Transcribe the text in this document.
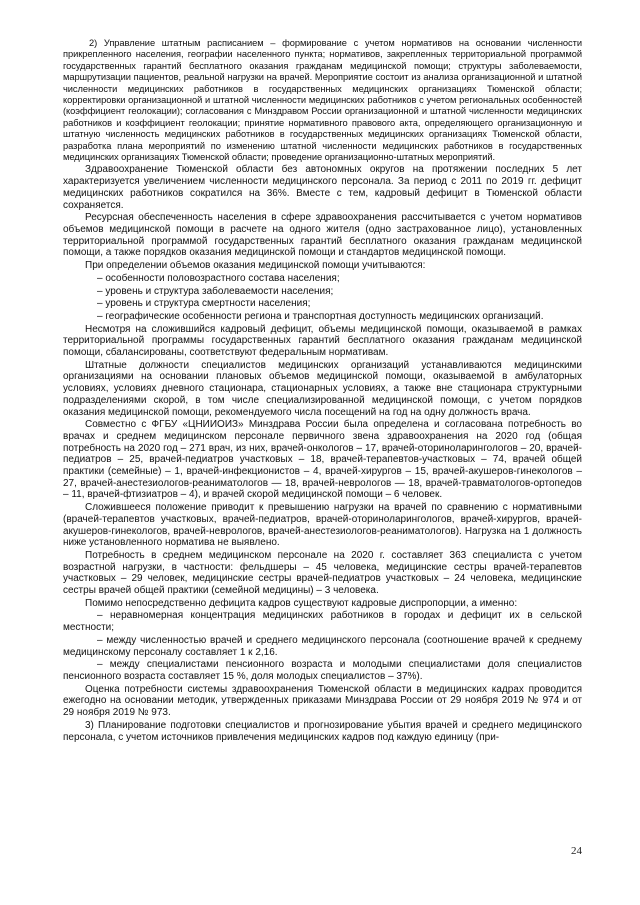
2) Управление штатным расписанием – формирование с учетом нормативов на основании численности прикрепленного населения, географии населенного пункта; нормативов, закрепленных территориальной программой государственных гарантий бесплатного оказания гражданам медицинской помощи; структуры заболеваемости, маршрутизации пациентов, реальной нагрузки на врачей. Мероприятие состоит из анализа организационной и штатной численности медицинских работников в государственных медицинских организациях Тюменской области; корректировки организационной и штатной численности медицинских работников с учетом региональных особенностей (коэффициент геолокации); согласования с Минздравом России организационной и штатной численности медицинских работников и коэффициент геолокации; принятие нормативного правового акта, определяющего организационную и штатную численность медицинских работников в государственных медицинских организациях Тюменской области, разработка плана мероприятий по изменению штатной численности медицинских работников в государственных медицинских организациях Тюменской области; проведение организационно-штатных мероприятий.

Здравоохранение Тюменской области без автономных округов на протяжении последних 5 лет характеризуется увеличением численности медицинского персонала. За период с 2011 по 2019 гг. дефицит медицинских работников сократился на 36%. Вместе с тем, кадровый дефицит в Тюменской области сохраняется.

Ресурсная обеспеченность населения в сфере здравоохранения рассчитывается с учетом нормативов объемов медицинской помощи в расчете на одного жителя (одно застрахованное лицо), установленных территориальной программой государственных гарантий бесплатного оказания гражданам медицинской помощи, а также порядков оказания медицинской помощи и стандартов медицинской помощи.

При определении объемов оказания медицинской помощи учитываются:

– особенности половозрастного состава населения;

– уровень и структура заболеваемости населения;

– уровень и структура смертности населения;

– географические особенности региона и транспортная доступность медицинских организаций.

Несмотря на сложившийся кадровый дефицит, объемы медицинской помощи, оказываемой в рамках территориальной программы государственных гарантий бесплатного оказания гражданам медицинской помощи, сбалансированы, соответствуют федеральным нормативам.

Штатные должности специалистов медицинских организаций устанавливаются медицинскими организациями на основании плановых объемов медицинской помощи, оказываемой в амбулаторных условиях, условиях дневного стационара, стационарных условиях, а также вне стационара структурными подразделениями скорой, в том числе специализированной медицинской помощи, с учетом порядков оказания медицинской помощи, рекомендуемого числа посещений на год на одну должность врача.

Совместно с ФГБУ «ЦНИИОИЗ» Минздрава России была определена и согласована потребность во врачах и среднем медицинском персонале первичного звена здравоохранения на 2020 год (общая потребность на 2020 год – 271 врач, из них, врачей-онкологов – 17, врачей-оториноларингологов – 20, врачей-педиатров – 25, врачей-педиатров участковых – 18, врачей-терапевтов-участковых – 74, врачей общей практики (семейные) – 1, врачей-инфекционистов – 4, врачей-хирургов – 15, врачей-акушеров-гинекологов – 27, врачей-анестезиологов-реаниматологов — 18, врачей-неврологов — 18, врачей-травматологов-ортопедов – 11, врачей-фтизиатров – 4), и врачей скорой медицинской помощи – 6 человек.

Сложившееся положение приводит к превышению нагрузки на врачей по сравнению с нормативными (врачей-терапевтов участковых, врачей-педиатров, врачей-оториноларингологов, врачей-хирургов, врачей-акушеров-гинекологов, врачей-неврологов, врачей-анестезиологов-реаниматологов). Нагрузка на 1 должность ниже установленного норматива не выявлено.

Потребность в среднем медицинском персонале на 2020 г. составляет 363 специалиста с учетом возрастной нагрузки, в частности: фельдшеры – 45 человека, медицинские сестры врачей-терапевтов участковых – 29 человек, медицинские сестры врачей-педиатров участковых – 24 человека, медицинские сестры врачей общей практики (семейной медицины) – 3 человека.

Помимо непосредственно дефицита кадров существуют кадровые диспропорции, а именно:

– неравномерная концентрация медицинских работников в городах и дефицит их в сельской местности;

– между численностью врачей и среднего медицинского персонала (соотношение врачей к среднему медицинскому персоналу составляет 1 к 2,16.

– между специалистами пенсионного возраста и молодыми специалистами доля специалистов пенсионного возраста составляет 15 %, доля молодых специалистов – 37%).

Оценка потребности системы здравоохранения Тюменской области в медицинских кадрах проводится ежегодно на основании методик, утвержденных приказами Минздрава России от 29 ноября 2019 № 974 и от 29 ноября 2019 № 973.

3) Планирование подготовки специалистов и прогнозирование убытия врачей и среднего медицинского персонала, с учетом источников привлечения медицинских кадров под каждую единицу (при-

24
